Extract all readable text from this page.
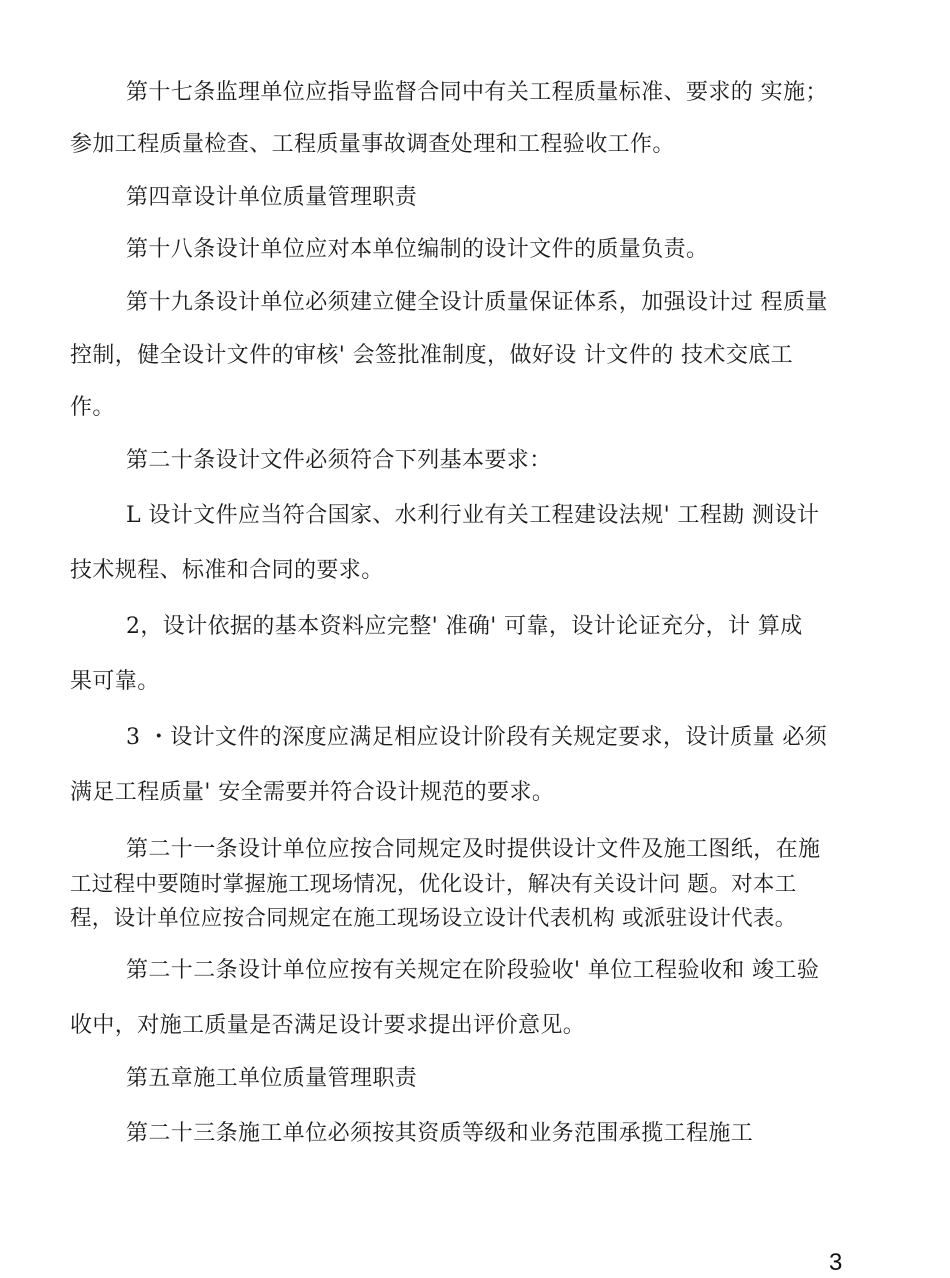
第十七条监理单位应指导监督合同中有关工程质量标准、要求的 实施；
参加工程质量检查、工程质量事故调查处理和工程验收工作。
第四章设计单位质量管理职责
第十八条设计单位应对本单位编制的设计文件的质量负责。
第十九条设计单位必须建立健全设计质量保证体系，加强设计过 程质量
控制，健全设计文件的审核' 会签批准制度，做好设 计文件的 技术交底工
作。
第二十条设计文件必须符合下列基本要求：
L 设计文件应当符合国家、水利行业有关工程建设法规' 工程勘 测设计
技术规程、标准和合同的要求。
2，设计依据的基本资料应完整' 准确' 可靠，设计论证充分，计 算成
果可靠。
3 ・设计文件的深度应满足相应设计阶段有关规定要求，设计质量 必须
满足工程质量' 安全需要并符合设计规范的要求。
第二十一条设计单位应按合同规定及时提供设计文件及施工图纸，在施
工过程中要随时掌握施工现场情况，优化设计，解决有关设计问 题。对本工
程，设计单位应按合同规定在施工现场设立设计代表机构 或派驻设计代表。
第二十二条设计单位应按有关规定在阶段验收' 单位工程验收和 竣工验
收中，对施工质量是否满足设计要求提出评价意见。
第五章施工单位质量管理职责
第二十三条施工单位必须按其资质等级和业务范围承揽工程施工
3
